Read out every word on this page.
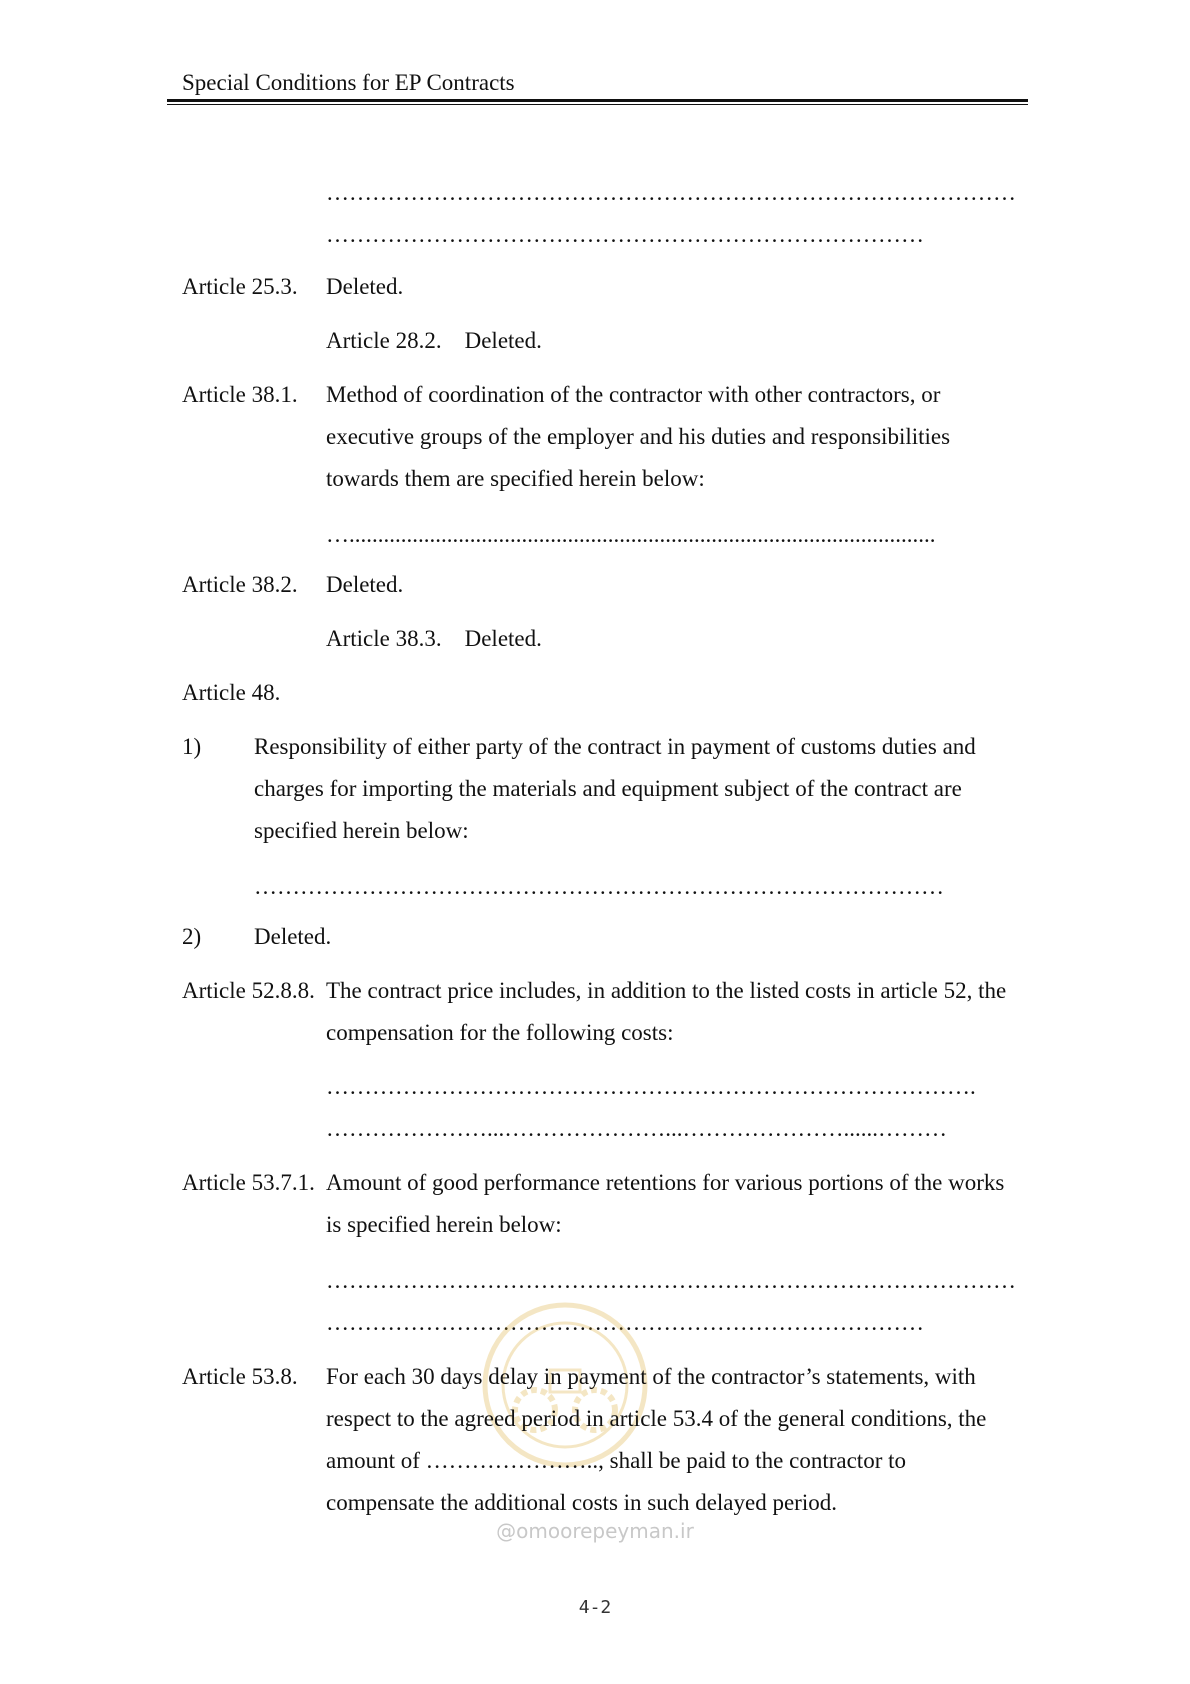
Special Conditions for EP Contracts
………………………………………………………………………………
……………………………………………………………………
Article 25.3. Deleted.
Article 28.2.    Deleted.
Article 38.1. Method of coordination of the contractor with other contractors, or
executive groups of the employer and his duties and responsibilities
towards them are specified herein below:
…......................................................................................................
Article 38.2. Deleted.
Article 38.3.    Deleted.
Article 48.
1) Responsibility of either party of the contract in payment of customs duties and
charges for importing the materials and equipment subject of the contract are
specified herein below:
………………………………………………………………………………
2) Deleted.
Article 52.8.8. The contract price includes, in addition to the listed costs in article 52, the
compensation for the following costs:
………………………………………………………………………….
…………………...…………………...…………………......………
Article 53.7.1. Amount of good performance retentions for various portions of the works
is specified herein below:
………………………………………………………………………………
……………………………………………………………………
Article 53.8. For each 30 days delay in payment of the contractor’s statements, with
respect to the agreed period in article 53.4 of the general conditions, the
amount of ………………….., shall be paid to the contractor to
compensate the additional costs in such delayed period.
@omoorepeyman.ir
4-2
